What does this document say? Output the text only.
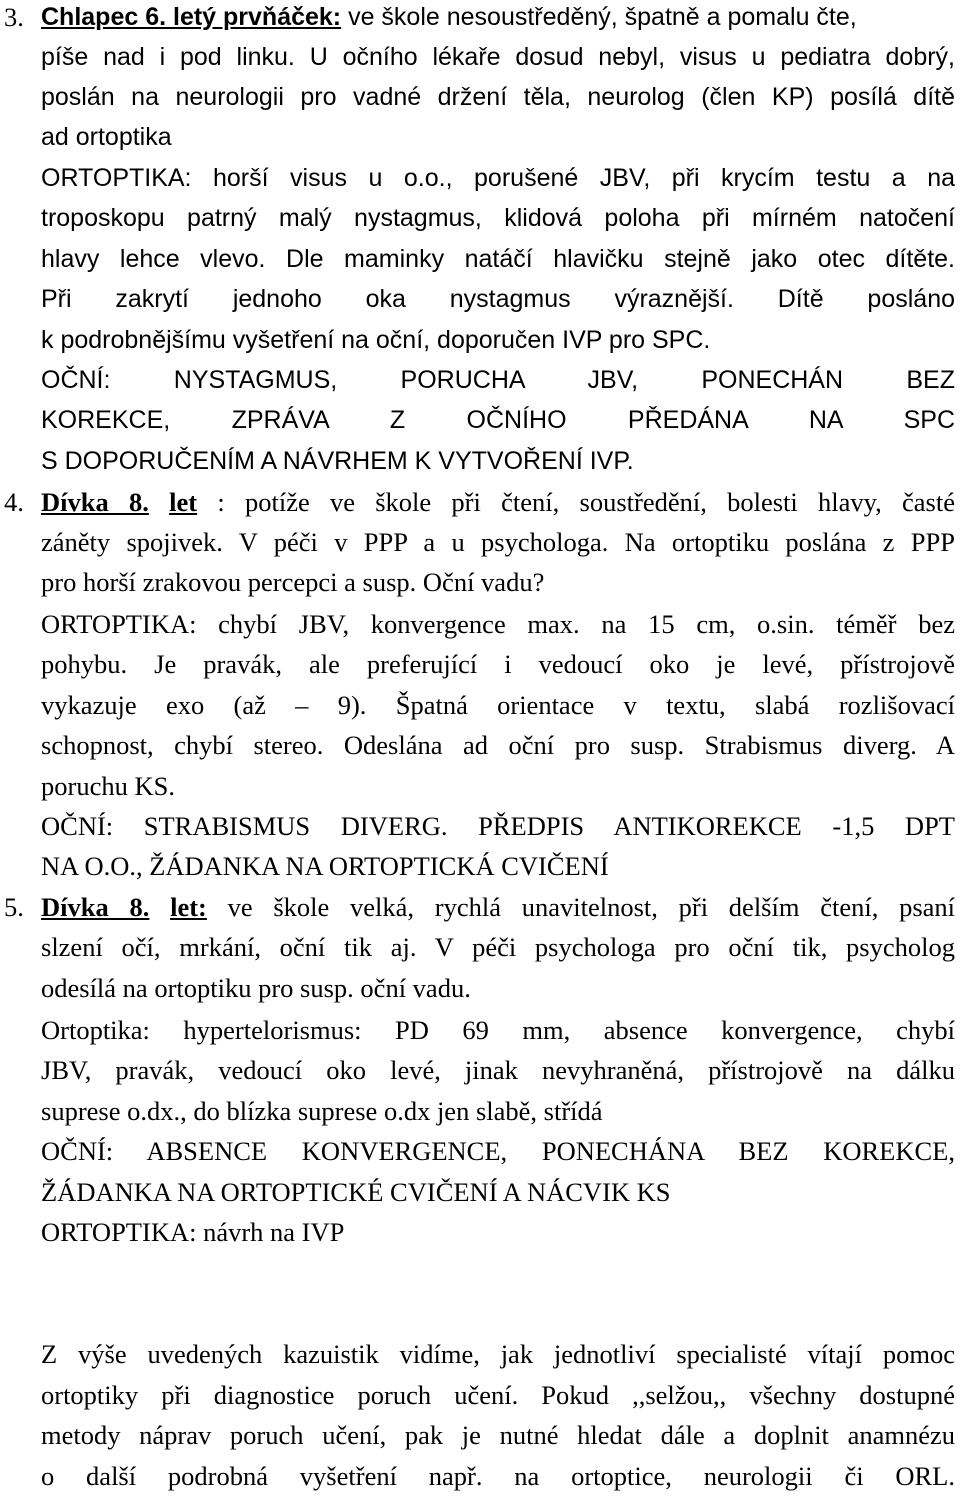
3. Chlapec 6. letý prvňáček: ve škole nesoustředěný, špatně a pomalu čte,
píše nad i pod linku. U očního lékaře dosud nebyl, visus u pediatra dobrý,
poslán na neurologii pro vadné držení těla, neurolog (člen KP) posílá dítě
ad ortoptika
ORTOPTIKA: horší visus u o.o., porušené JBV, při krycím testu a na
troposkopu patrný malý nystagmus, klidová poloha při mírném natočení
hlavy lehce vlevo. Dle maminky natáčí hlavičku stejně jako otec dítěte.
Při zakrytí jednoho oka nystagmus výraznější. Dítě posláno
k podrobnějšímu vyšetření na oční, doporučen IVP pro SPC.
OČNÍ: NYSTAGMUS, PORUCHA JBV, PONECHÁN BEZ
KOREKCE, ZPRÁVA Z OČNÍHO PŘEDÁNA NA SPC
S DOPORUČENÍM A NÁVRHEM K VYTVOŘENÍ IVP.
4. Dívka 8. let : potíže ve škole při čtení, soustředění, bolesti hlavy, časté
záněty spojivek. V péči v PPP a u psychologa. Na ortoptiku poslána z PPP
pro horší zrakovou percepci a susp. Oční vadu?
ORTOPTIKA: chybí JBV, konvergence max. na 15 cm, o.sin. téměř bez
pohybu. Je pravák, ale preferující i vedoucí oko je levé, přístrojově
vykazuje exo (až – 9). Špatná orientace v textu, slabá rozlišovací
schopnost, chybí stereo. Odeslána ad oční pro susp. Strabismus diverg. A
poruchu KS.
OČNÍ: STRABISMUS DIVERG. PŘEDPIS ANTIKOREKCE -1,5 DPT
NA O.O., ŽÁDANKA NA ORTOPTICKÁ CVIČENÍ
5. Dívka 8. let: ve škole velká, rychlá unavitelnost, při delším čtení, psaní
slzení očí, mrkání, oční tik aj. V péči psychologa pro oční tik, psycholog
odesílá na ortoptiku pro susp. oční vadu.
Ortoptika: hypertelorismus: PD 69 mm, absence konvergence, chybí
JBV, pravák, vedoucí oko levé, jinak nevyhraněná, přístrojově na dálku
suprese o.dx., do blízka suprese o.dx jen slabě, střídá
OČNÍ: ABSENCE KONVERGENCE, PONECHÁNA BEZ KOREKCE,
ŽÁDANKA NA ORTOPTICKÉ CVIČENÍ A NÁCVIK KS
ORTOPTIKA: návrh na IVP
Z výše uvedených kazuistik vidíme, jak jednotliví specialisté vítají pomoc
ortoptiky při diagnostice poruch učení. Pokud ,,selžou,, všechny dostupné
metody náprav poruch učení, pak je nutné hledat dále a doplnit anamnézu
o další podrobná vyšetření např. na ortoptice, neurologii či ORL.
